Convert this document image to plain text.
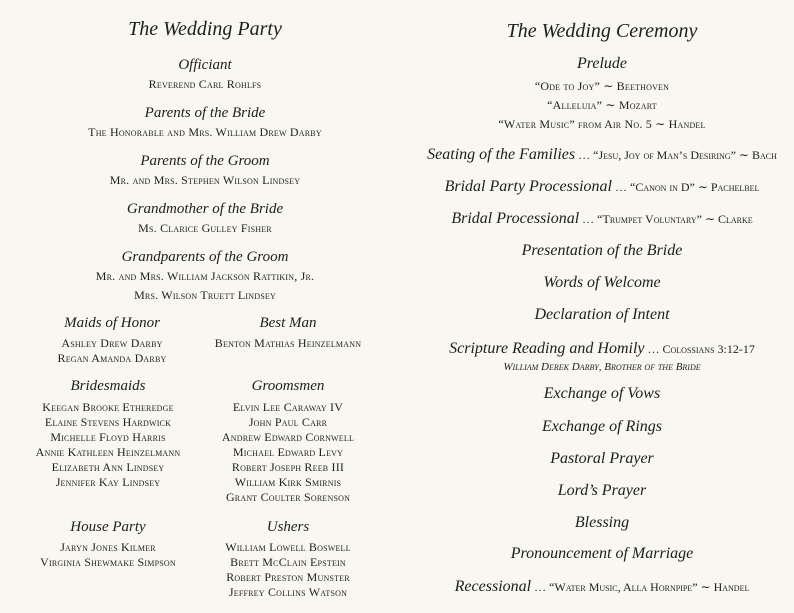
The Wedding Party
Officiant
Reverend Carl Rohlfs
Parents of the Bride
The Honorable and Mrs. William Drew Darby
Parents of the Groom
Mr. and Mrs. Stephen Wilson Lindsey
Grandmother of the Bride
Ms. Clarice Gulley Fisher
Grandparents of the Groom
Mr. and Mrs. William Jackson Rattikin, Jr.
Mrs. Wilson Truett Lindsey
Maids of Honor
Ashley Drew Darby
Regan Amanda Darby
Best Man
Benton Mathias Heinzelmann
Bridesmaids
Keegan Brooke Etheredge
Elaine Stevens Hardwick
Michelle Floyd Harris
Annie Kathleen Heinzelmann
Elizabeth Ann Lindsey
Jennifer Kay Lindsey
Groomsmen
Elvin Lee Caraway IV
John Paul Carr
Andrew Edward Cornwell
Michael Edward Levy
Robert Joseph Reeb III
William Kirk Smirnis
Grant Coulter Sorenson
House Party
Jaryn Jones Kilmer
Virginia Shewmake Simpson
Ushers
William Lowell Boswell
Brett McClain Epstein
Robert Preston Munster
Jeffrey Collins Watson
The Wedding Ceremony
Prelude
“Ode to Joy” ∼ Beethoven
“Alleluia” ∼ Mozart
“Water Music” from Air No. 5 ∼ Handel
Seating of the Families … “Jesu, Joy of Man’s Desiring” ∼ Bach
Bridal Party Processional … “Canon in D” ∼ Pachelbel
Bridal Processional … “Trumpet Voluntary” ∼ Clarke
Presentation of the Bride
Words of Welcome
Declaration of Intent
Scripture Reading and Homily … Colossians 3:12-17
William Derek Darby, Brother of the Bride
Exchange of Vows
Exchange of Rings
Pastoral Prayer
Lord’s Prayer
Blessing
Pronouncement of Marriage
Recessional … “Water Music, Alla Hornpipe” ∼ Handel
